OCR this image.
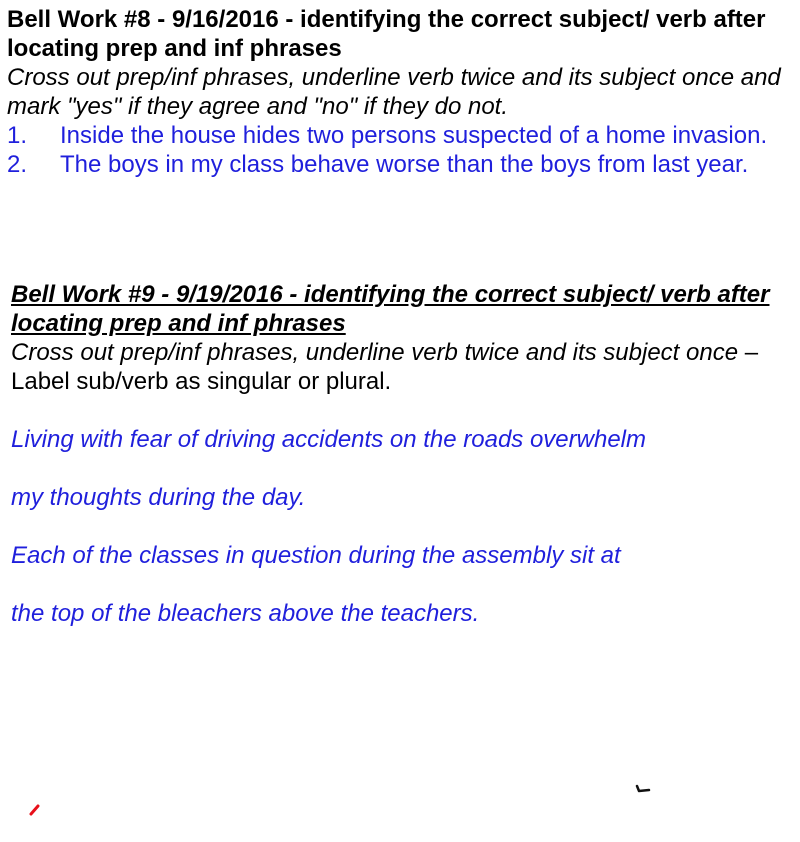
Bell Work #8 - 9/16/2016 - identifying the correct subject/ verb after locating prep and inf phrases

Cross out prep/inf phrases, underline verb twice and its subject once and mark "yes" if they agree and "no" if they do not.

1.	Inside the house hides two persons suspected of a home invasion.
2.	The boys in my class behave worse than the boys from last year.

Bell Work #9 - 9/19/2016 - identifying the correct subject/ verb after locating prep and inf phrases

Cross out prep/inf phrases, underline verb twice and its subject once – Label sub/verb as singular or plural.

Living with fear of driving accidents on the roads overwhelm
my thoughts during the day.
Each of the classes in question during the assembly sit at
the top of the bleachers above the teachers.
